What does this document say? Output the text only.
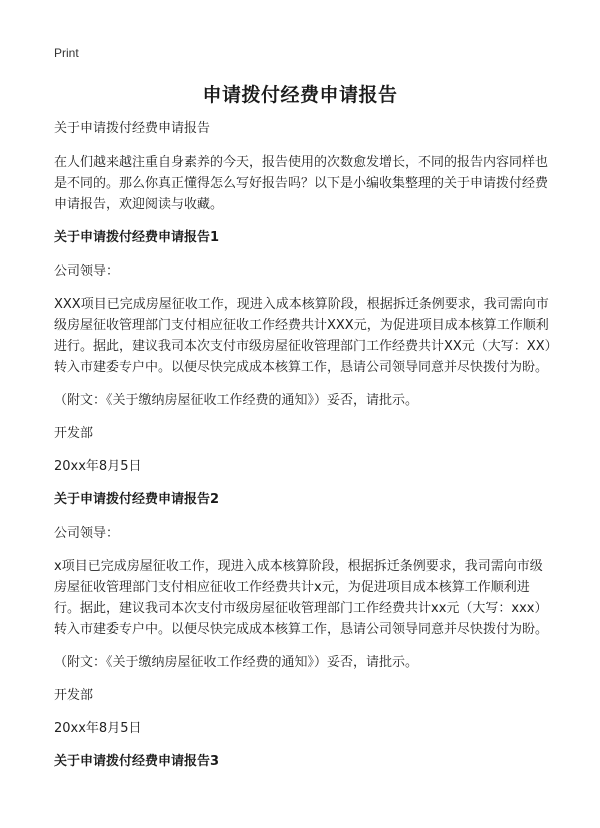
Print
申请拨付经费申请报告

关于申请拨付经费申请报告

在人们越来越注重自身素养的今天，报告使用的次数愈发增长，不同的报告内容同样也是不同的。那么你真正懂得怎么写好报告吗？以下是小编收集整理的关于申请拨付经费申请报告，欢迎阅读与收藏。

关于申请拨付经费申请报告1

公司领导：

XXX项目已完成房屋征收工作，现进入成本核算阶段，根据拆迁条例要求，我司需向市级房屋征收管理部门支付相应征收工作经费共计XXX元，为促进项目成本核算工作顺利进行。据此，建议我司本次支付市级房屋征收管理部门工作经费共计XX元（大写：XX）转入市建委专户中。以便尽快完成成本核算工作，恳请公司领导同意并尽快拨付为盼。

（附文：《关于缴纳房屋征收工作经费的通知》）妥否，请批示。

开发部

20xx年8月5日

关于申请拨付经费申请报告2

公司领导：

x项目已完成房屋征收工作，现进入成本核算阶段，根据拆迁条例要求，我司需向市级房屋征收管理部门支付相应征收工作经费共计x元，为促进项目成本核算工作顺利进行。据此，建议我司本次支付市级房屋征收管理部门工作经费共计xx元（大写：xxx）转入市建委专户中。以便尽快完成成本核算工作，恳请公司领导同意并尽快拨付为盼。

（附文：《关于缴纳房屋征收工作经费的通知》）妥否，请批示。

开发部

20xx年8月5日

关于申请拨付经费申请报告3
